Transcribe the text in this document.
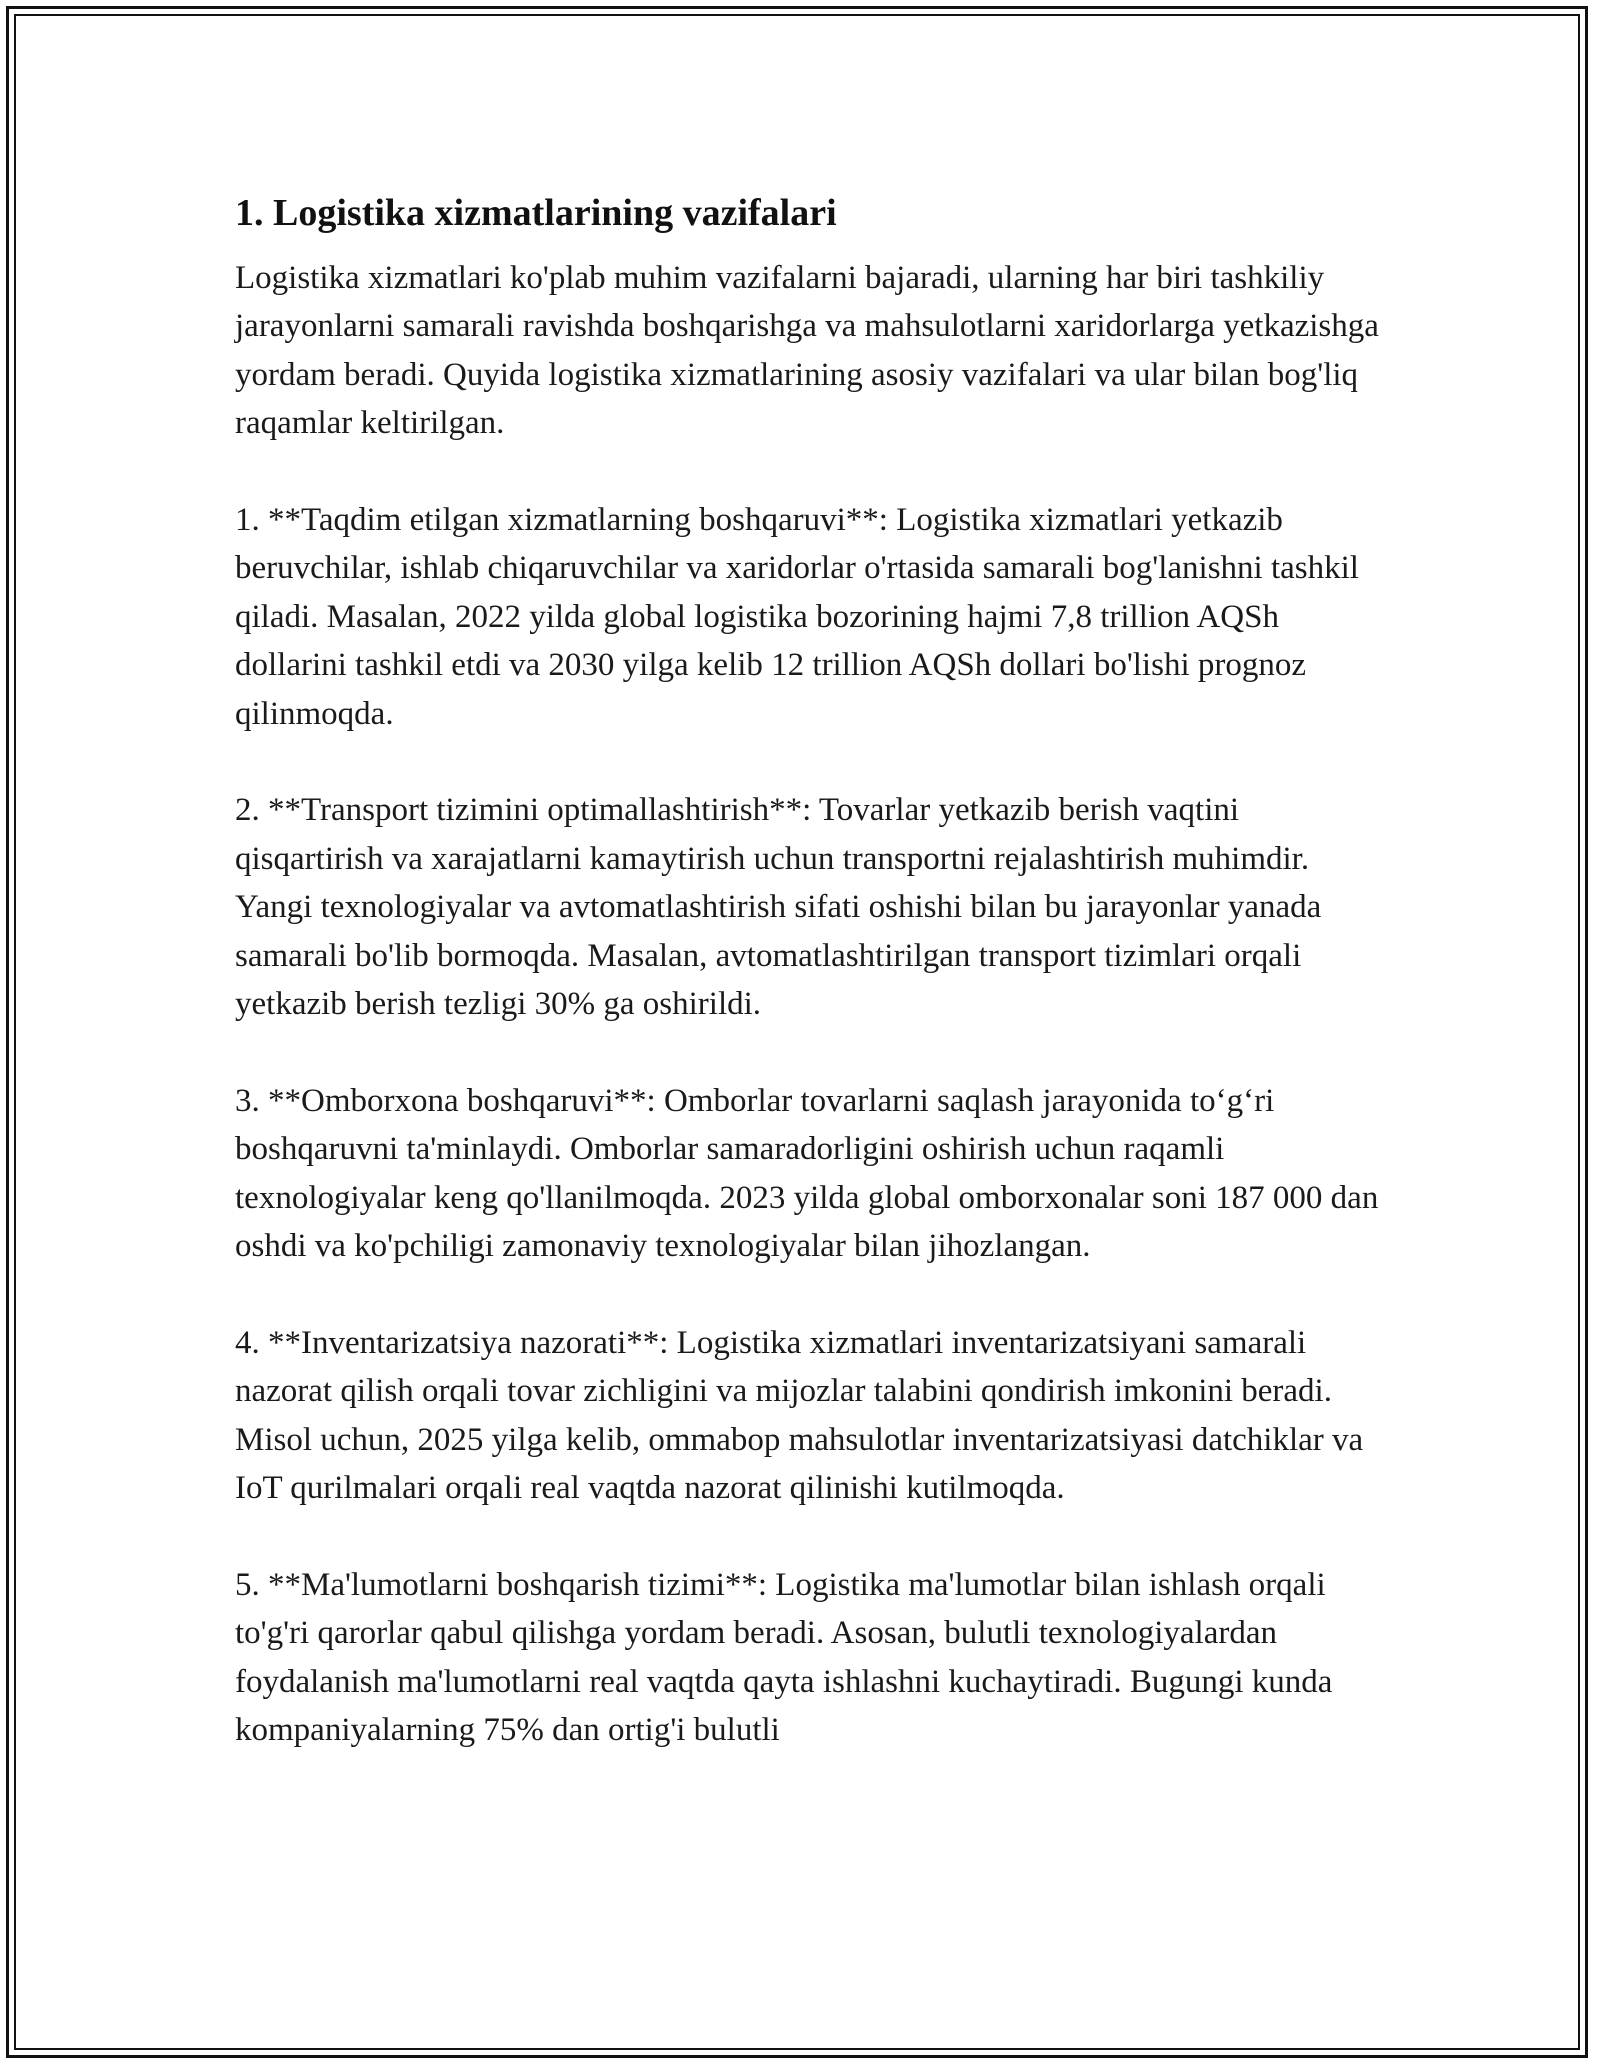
1. Logistika xizmatlarining vazifalari

Logistika xizmatlari ko'plab muhim vazifalarni bajaradi, ularning har biri tashkiliy jarayonlarni samarali ravishda boshqarishga va mahsulotlarni xaridorlarga yetkazishga yordam beradi. Quyida logistika xizmatlarining asosiy vazifalari va ular bilan bog'liq raqamlar keltirilgan.

1. **Taqdim etilgan xizmatlarning boshqaruvi**: Logistika xizmatlari yetkazib beruvchilar, ishlab chiqaruvchilar va xaridorlar o'rtasida samarali bog'lanishni tashkil qiladi. Masalan, 2022 yilda global logistika bozorining hajmi 7,8 trillion AQSh dollarini tashkil etdi va 2030 yilga kelib 12 trillion AQSh dollari bo'lishi prognoz qilinmoqda.

2. **Transport tizimini optimallashtirish**: Tovarlar yetkazib berish vaqtini qisqartirish va xarajatlarni kamaytirish uchun transportni rejalashtirish muhimdir. Yangi texnologiyalar va avtomatlashtirish sifati oshishi bilan bu jarayonlar yanada samarali bo'lib bormoqda. Masalan, avtomatlashtirilgan transport tizimlari orqali yetkazib berish tezligi 30% ga oshirildi.

3. **Omborxona boshqaruvi**: Omborlar tovarlarni saqlash jarayonida to‘g‘ri boshqaruvni ta'minlaydi. Omborlar samaradorligini oshirish uchun raqamli texnologiyalar keng qo'llanilmoqda. 2023 yilda global omborxonalar soni 187 000 dan oshdi va ko'pchiligi zamonaviy texnologiyalar bilan jihozlangan.

4. **Inventarizatsiya nazorati**: Logistika xizmatlari inventarizatsiyani samarali nazorat qilish orqali tovar zichligini va mijozlar talabini qondirish imkonini beradi. Misol uchun, 2025 yilga kelib, ommabop mahsulotlar inventarizatsiyasi datchiklar va IoT qurilmalari orqali real vaqtda nazorat qilinishi kutilmoqda.

5. **Ma'lumotlarni boshqarish tizimi**: Logistika ma'lumotlar bilan ishlash orqali to'g'ri qarorlar qabul qilishga yordam beradi. Asosan, bulutli texnologiyalardan foydalanish ma'lumotlarni real vaqtda qayta ishlashni kuchaytiradi. Bugungi kunda kompaniyalarning 75% dan ortig'i bulutli
